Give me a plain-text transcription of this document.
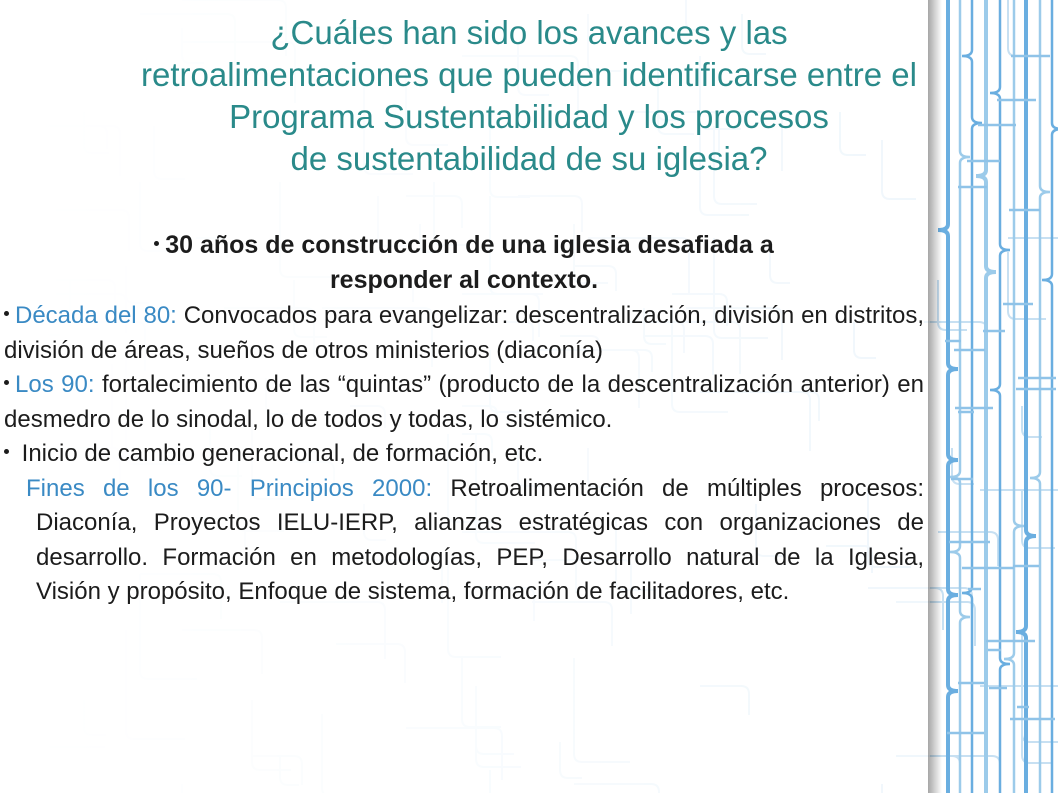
¿Cuáles han sido los avances y las
retroalimentaciones que pueden identificarse entre el
Programa Sustentabilidad y los procesos
de sustentabilidad de su iglesia?
30 años de construcción de una iglesia desafiada a
responder al contexto.
Década del 80: Convocados para evangelizar: descentralización, división en distritos, división de áreas, sueños de otros ministerios (diaconía)
Los 90: fortalecimiento de las “quintas” (producto de la descentralización anterior) en desmedro de lo sinodal, lo de todos y todas, lo sistémico.
Inicio de cambio generacional, de formación, etc.
Fines de los 90- Principios 2000: Retroalimentación de múltiples procesos: Diaconía, Proyectos IELU-IERP, alianzas estratégicas con organizaciones de desarrollo. Formación en metodologías, PEP, Desarrollo natural de la Iglesia, Visión y propósito, Enfoque de sistema, formación de facilitadores, etc.
